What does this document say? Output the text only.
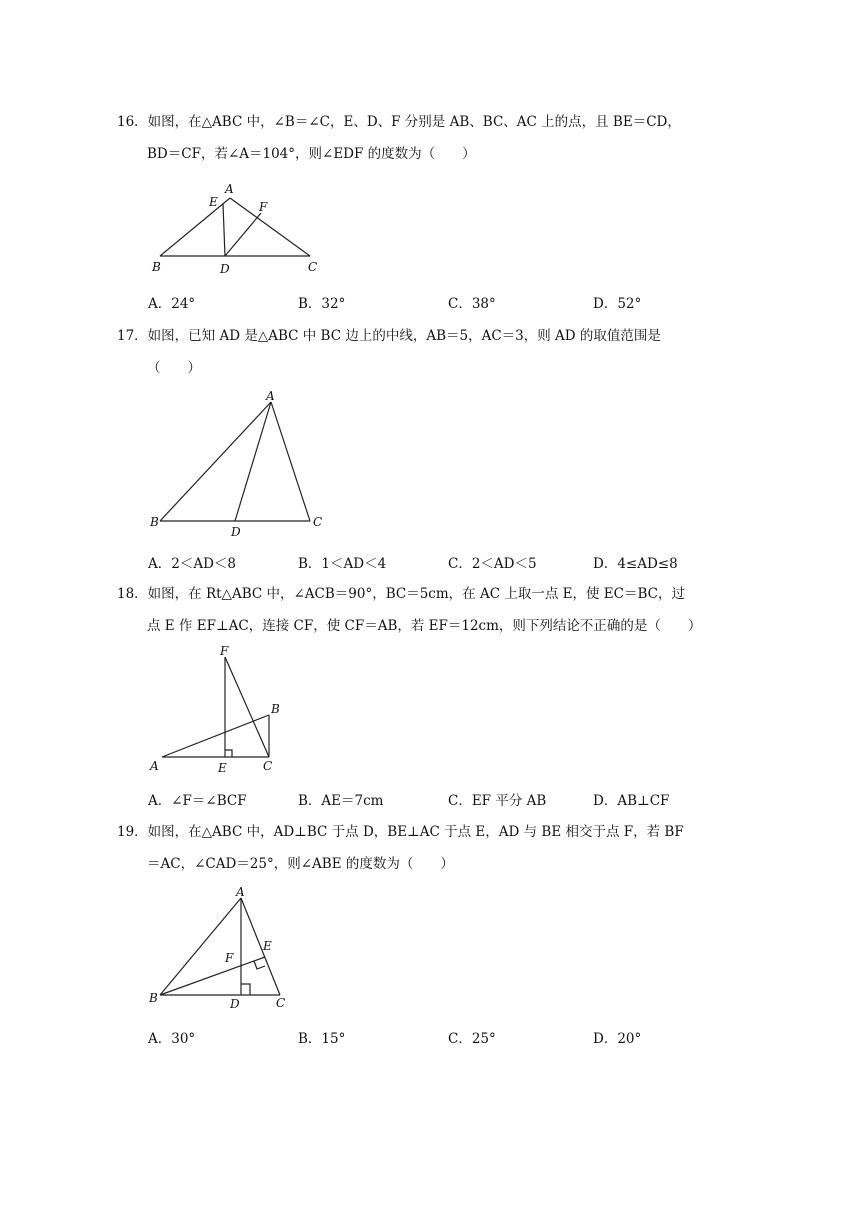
16．如图，在△ABC 中，∠B＝∠C，E、D、F 分别是 AB、BC、AC 上的点，且 BE＝CD，
BD＝CF，若∠A＝104°，则∠EDF 的度数为（　　）
A
E	F
B	D	C
A．24°	B．32°	C．38°	D．52°
17．如图，已知 AD 是△ABC 中 BC 边上的中线，AB＝5，AC＝3，则 AD 的取值范围是
（　　）
A
B
D
C
A．2＜AD＜8	B．1＜AD＜4	C．2＜AD＜5	D．4≤AD≤8
18．如图，在 Rt△ABC 中，∠ACB＝90°，BC＝5cm，在 AC 上取一点 E，使 EC＝BC，过
点 E 作 EF⊥AC，连接 CF，使 CF＝AB，若 EF＝12cm，则下列结论不正确的是（　　）
F
B
A	E	C
A．∠F＝∠BCF	B．AE＝7cm	C．EF 平分 AB	D．AB⊥CF
19．如图，在△ABC 中，AD⊥BC 于点 D，BE⊥AC 于点 E，AD 与 BE 相交于点 F，若 BF
＝AC，∠CAD＝25°，则∠ABE 的度数为（　　）
A
F
E
B	D	C
A．30°	B．15°	C．25°	D．20°
